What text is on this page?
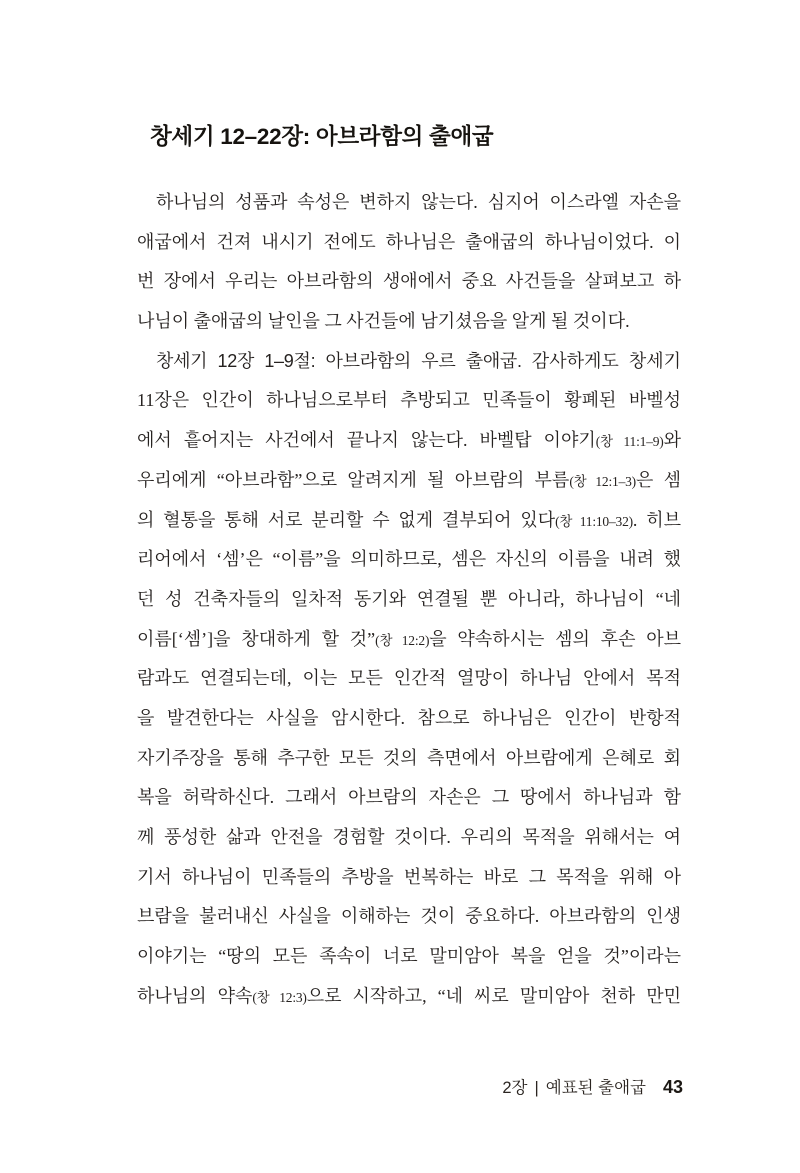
창세기 12–22장: 아브라함의 출애굽
하나님의 성품과 속성은 변하지 않는다. 심지어 이스라엘 자손을
애굽에서 건져 내시기 전에도 하나님은 출애굽의 하나님이었다. 이
번 장에서 우리는 아브라함의 생애에서 중요 사건들을 살펴보고 하
나님이 출애굽의 날인을 그 사건들에 남기셨음을 알게 될 것이다.
창세기 12장 1–9절: 아브라함의 우르 출애굽. 감사하게도 창세기
11장은 인간이 하나님으로부터 추방되고 민족들이 황폐된 바벨성
에서 흩어지는 사건에서 끝나지 않는다. 바벨탑 이야기(창 11:1–9)와
우리에게 “아브라함”으로 알려지게 될 아브람의 부름(창 12:1–3)은 셈
의 혈통을 통해 서로 분리할 수 없게 결부되어 있다(창 11:10–32). 히브
리어에서 ‘셈’은 “이름”을 의미하므로, 셈은 자신의 이름을 내려 했
던 성 건축자들의 일차적 동기와 연결될 뿐 아니라, 하나님이 “네
이름[‘셈’]을 창대하게 할 것”(창 12:2)을 약속하시는 셈의 후손 아브
람과도 연결되는데, 이는 모든 인간적 열망이 하나님 안에서 목적
을 발견한다는 사실을 암시한다. 참으로 하나님은 인간이 반항적
자기주장을 통해 추구한 모든 것의 측면에서 아브람에게 은혜로 회
복을 허락하신다. 그래서 아브람의 자손은 그 땅에서 하나님과 함
께 풍성한 삶과 안전을 경험할 것이다. 우리의 목적을 위해서는 여
기서 하나님이 민족들의 추방을 번복하는 바로 그 목적을 위해 아
브람을 불러내신 사실을 이해하는 것이 중요하다. 아브라함의 인생
이야기는 “땅의 모든 족속이 너로 말미암아 복을 얻을 것”이라는
하나님의 약속(창 12:3)으로 시작하고, “네 씨로 말미암아 천하 만민
2장 | 예표된 출애굽 43
